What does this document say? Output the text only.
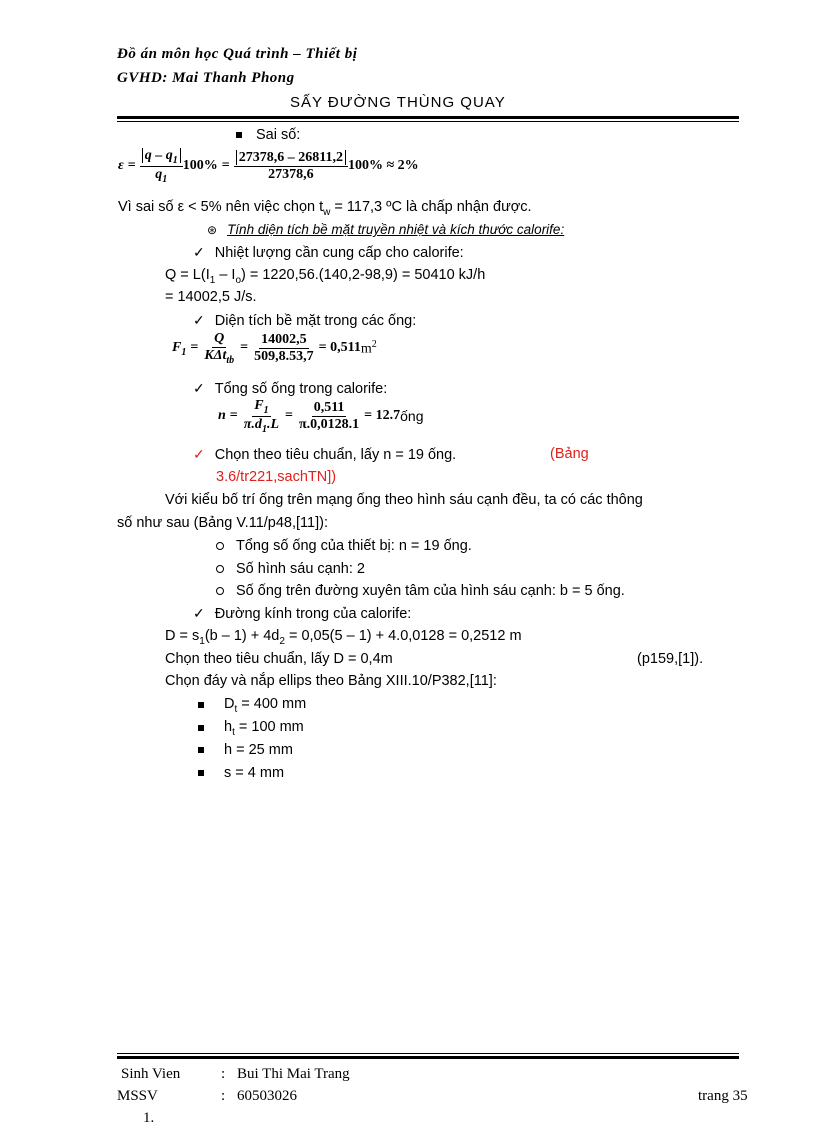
Đồ án môn học Quá trình – Thiết bị
GVHD: Mai Thanh Phong
SẤY ĐƯỜNG THÙNG QUAY
Sai số:
$\varepsilon = \frac{q - q_1}{q_1} 100\% = \frac{27378,6 - 26811,2}{27378,6} 100\% \approx 2\%$
Vì sai số ε < 5% nên việc chọn $t_w = 117,3$ ºC là chấp nhận được.
⊛ Tính diện tích bề mặt truyền nhiệt và kích thước calorife:
✓ Nhiệt lượng cần cung cấp cho calorife:
$Q = L(I_1 - I_o) = 1220,56.(140,2-98,9) = 50410$ kJ/h
= 14002,5 J/s.
✓ Diện tích bề mặt trong các ống:
$F_1 = \frac{Q}{K\Delta t_{tb}} = \frac{14002,5}{509,8.53,7} = 0,511$ $m^2$
✓ Tổng số ống trong calorife:
$n = \frac{F_1}{\pi.d_1.L} = \frac{0,511}{\pi.0,0128.1} = 12.7$ ống
✓ Chọn theo tiêu chuẩn, lấy n = 19 ống.	(Bảng
3.6/tr221,sachTN])
Với kiểu bố trí ống trên mạng ống theo hình sáu cạnh đều, ta có các thông
số như sau (Bảng V.11/p48,[11]):
Tổng số ống của thiết bị: n = 19 ống.
Số hình sáu cạnh: 2
Số ống trên đường xuyên tâm của hình sáu cạnh: b = 5 ống.
✓ Đường kính trong của calorife:
$D = s_1(b - 1) + 4d_2 = 0,05(5 - 1) + 4.0,0128 = 0,2512$ m
Chọn theo tiêu chuẩn, lấy D = 0,4m	(p159,[1]).
Chọn đáy và nắp ellips theo Bảng XIII.10/P382,[11]:
$D_t = 400$ mm
$h_t = 100$ mm
h = 25 mm
s = 4 mm
Sinh Vien	: Bui Thi Mai Trang
MSSV	: 60503026	trang 35
1.
